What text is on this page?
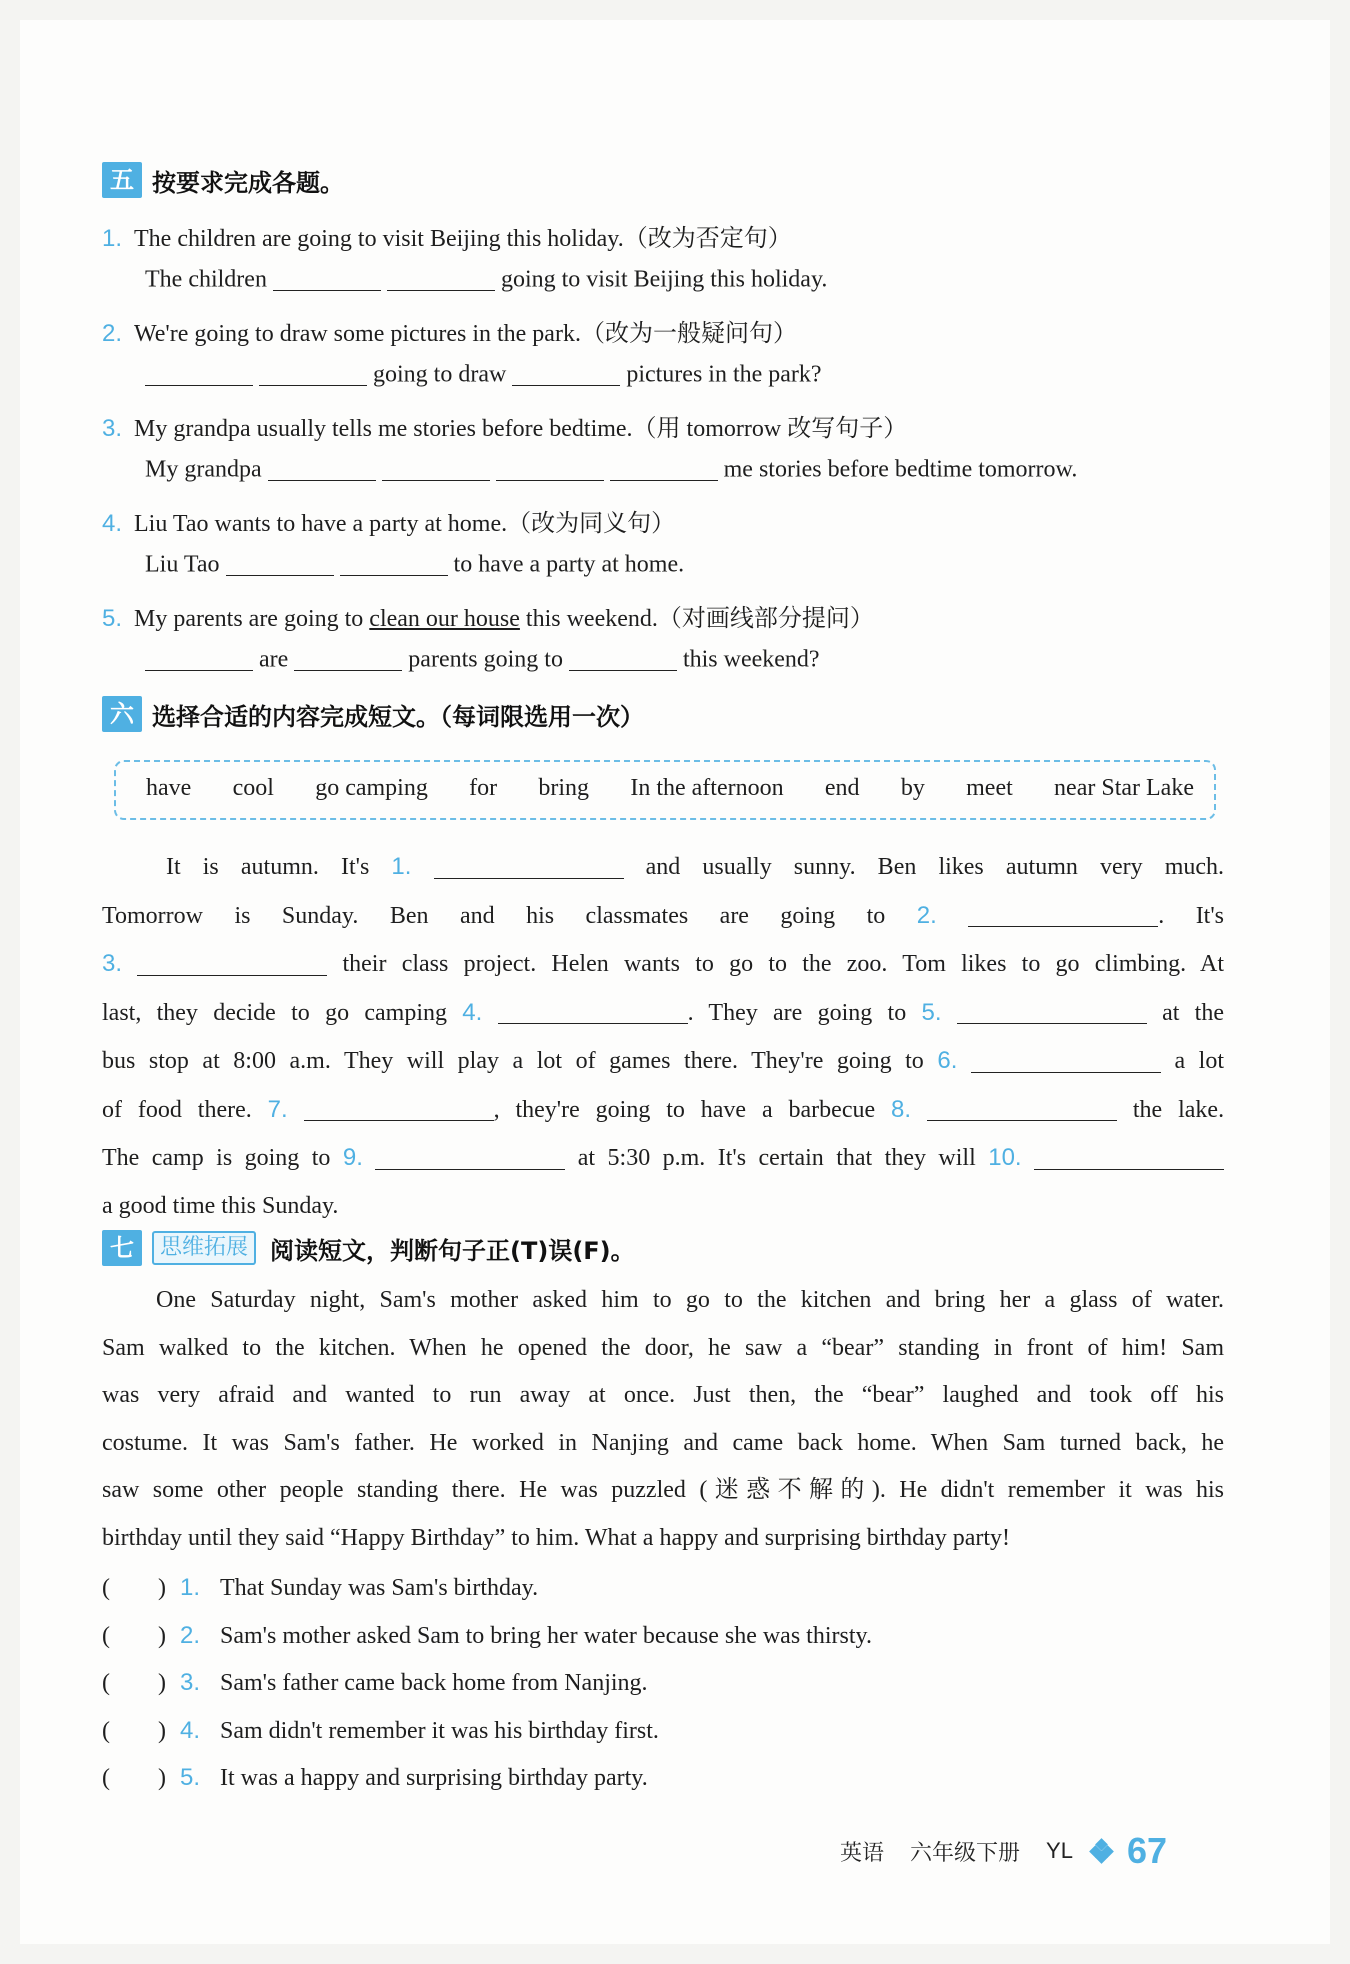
五 按要求完成各题。
1. The children are going to visit Beijing this holiday.（改为否定句）
The children	going to visit Beijing this holiday.
2. We're going to draw some pictures in the park.（改为一般疑问句）
going to draw	pictures in the park?
3. My grandpa usually tells me stories before bedtime.（用 tomorrow 改写句子）
My grandpa	me stories before bedtime tomorrow.
4. Liu Tao wants to have a party at home.（改为同义句）
Liu Tao	to have a party at home.
5. My parents are going to clean our house this weekend.（对画线部分提问）
are	parents going to	this weekend?
六 选择合适的内容完成短文。（每词限选用一次）
have cool go camping for bring In the afternoon end by meet near Star Lake
It is autumn. It's 1.	and usually sunny. Ben likes autumn very much.
Tomorrow is Sunday. Ben and his classmates are going to 2.	. It's
3.	their class project. Helen wants to go to the zoo. Tom likes to go climbing. At
last, they decide to go camping 4.	. They are going to 5.	at the
bus stop at 8:00 a.m. They will play a lot of games there. They're going to 6.	a lot
of food there. 7.	, they're going to have a barbecue 8.	the lake.
The camp is going to 9.	at 5:30 p.m. It's certain that they will 10.
a good time this Sunday.
七	思维拓展 阅读短文，判断句子正(T)误(F)。
One Saturday night, Sam's mother asked him to go to the kitchen and bring her a glass of water.
Sam walked to the kitchen. When he opened the door, he saw a “bear” standing in front of him! Sam
was very afraid and wanted to run away at once. Just then, the “bear” laughed and took off his
costume. It was Sam's father. He worked in Nanjing and came back home. When Sam turned back, he
saw some other people standing there. He was puzzled (迷惑不解的). He didn't remember it was his
birthday until they said “Happy Birthday” to him. What a happy and surprising birthday party!
(　　) 1. That Sunday was Sam's birthday.
(　　) 2. Sam's mother asked Sam to bring her water because she was thirsty.
(　　) 3. Sam's father came back home from Nanjing.
(　　) 4. Sam didn't remember it was his birthday first.
(　　) 5. It was a happy and surprising birthday party.
英语 六年级下册 YL 67
